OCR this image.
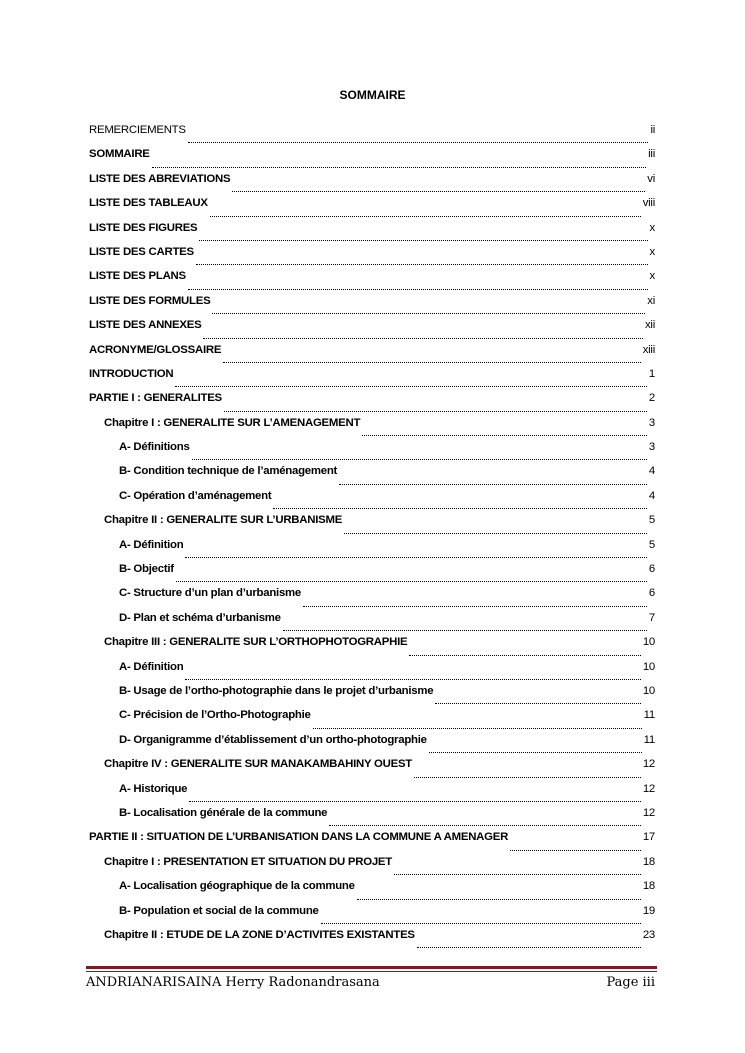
SOMMAIRE
REMERCIEMENTS	ii
SOMMAIRE	iii
LISTE DES ABREVIATIONS	vi
LISTE DES TABLEAUX	viii
LISTE DES FIGURES	x
LISTE DES CARTES	x
LISTE DES PLANS	x
LISTE DES FORMULES	xi
LISTE DES ANNEXES	xii
ACRONYME/GLOSSAIRE	xiii
INTRODUCTION	1
PARTIE I : GENERALITES	2
Chapitre I : GENERALITE SUR L’AMENAGEMENT	3
A- Définitions	3
B- Condition technique de l’aménagement	4
C- Opération d’aménagement	4
Chapitre II : GENERALITE SUR L’URBANISME	5
A- Définition	5
B- Objectif	6
C- Structure d’un plan d’urbanisme	6
D- Plan et schéma d’urbanisme	7
Chapitre III : GENERALITE SUR L’ORTHOPHOTOGRAPHIE	10
A- Définition	10
B- Usage de l’ortho-photographie dans le projet d’urbanisme	10
C- Précision de l’Ortho-Photographie	11
D- Organigramme d’établissement d’un ortho-photographie	11
Chapitre IV : GENERALITE SUR MANAKAMBAHINY OUEST	12
A- Historique	12
B- Localisation générale de la commune	12
PARTIE II : SITUATION DE L’URBANISATION DANS LA COMMUNE A AMENAGER	17
Chapitre I : PRESENTATION ET SITUATION DU PROJET	18
A- Localisation géographique de la commune	18
B- Population et social de la commune	19
Chapitre II : ETUDE DE LA ZONE D’ACTIVITES EXISTANTES	23
ANDRIANARISAINA Herry Radonandrasana	Page iii
